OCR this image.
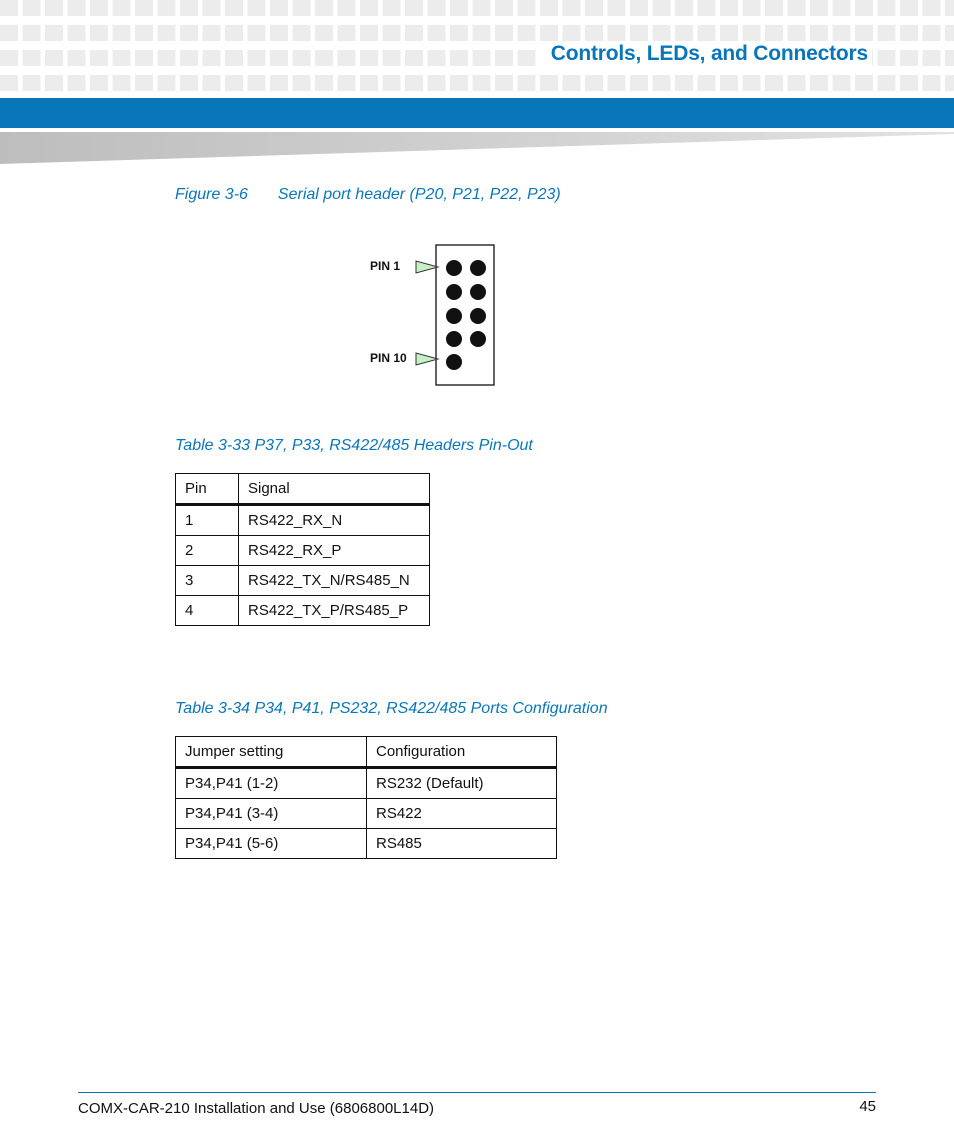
Controls, LEDs, and Connectors
Figure 3-6 Serial port header (P20, P21, P22, P23)
PIN 1
PIN 10
Table 3-33 P37, P33, RS422/485 Headers Pin-Out
Pin	Signal
1	RS422_RX_N
2	RS422_RX_P
3	RS422_TX_N/RS485_N
4	RS422_TX_P/RS485_P
Table 3-34 P34, P41, PS232, RS422/485 Ports Configuration
Jumper setting	Configuration
P34,P41 (1-2)	RS232 (Default)
P34,P41 (3-4)	RS422
P34,P41 (5-6)	RS485
COMX-CAR-210 Installation and Use (6806800L14D)	45
